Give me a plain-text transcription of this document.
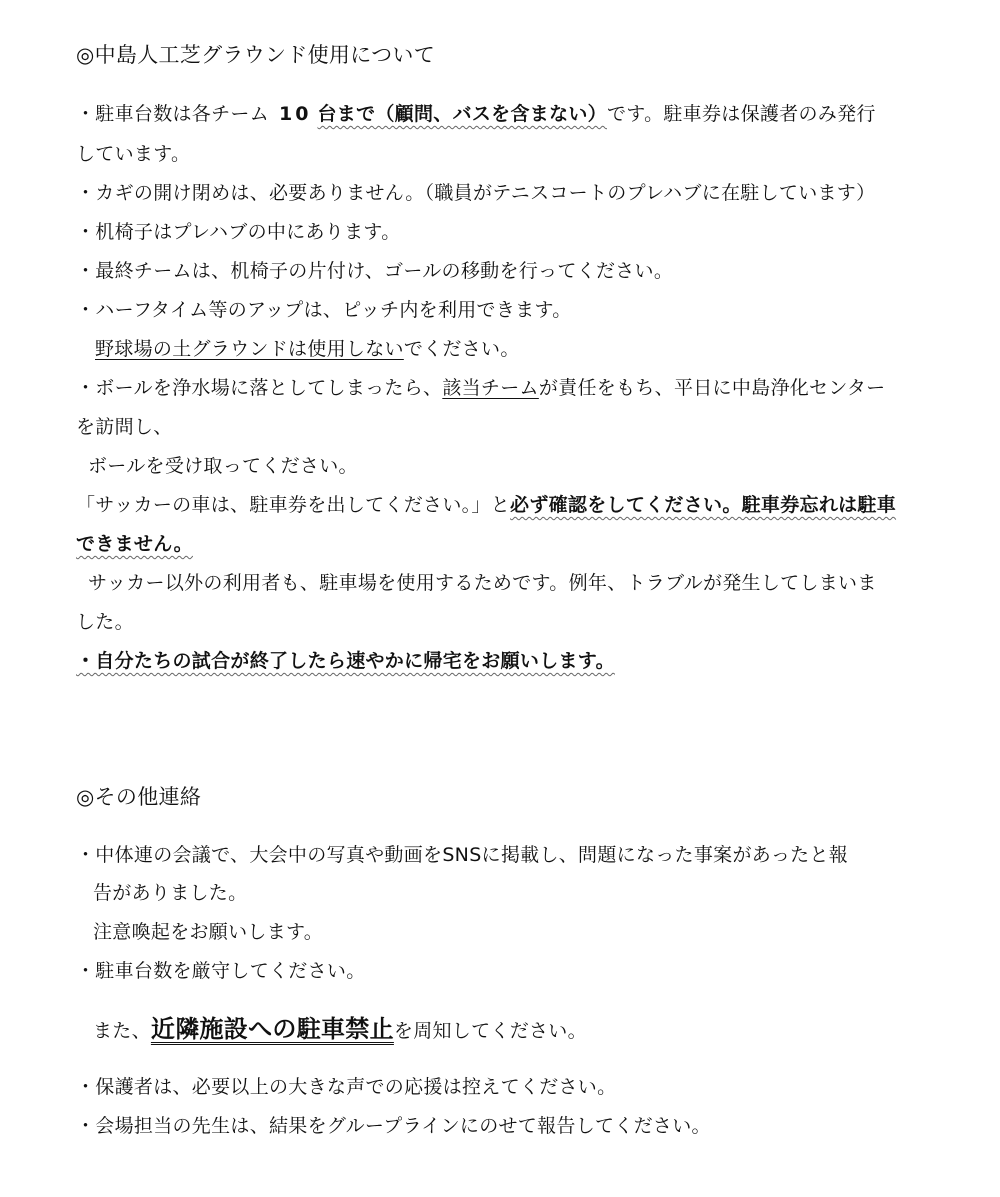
◎中島人工芝グラウンド使用について
・駐車台数は各チーム 10 台まで（顧問、バスを含まない）です。駐車券は保護者のみ発行
しています。
・カギの開け閉めは、必要ありません。（職員がテニスコートのプレハブに在駐しています）
・机椅子はプレハブの中にあります。
・最終チームは、机椅子の片付け、ゴールの移動を行ってください。
・ハーフタイム等のアップは、ピッチ内を利用できます。
野球場の土グラウンドは使用しないでください。
・ボールを浄水場に落としてしまったら、該当チームが責任をもち、平日に中島浄化センター
を訪問し、
ボールを受け取ってください。
「サッカーの車は、駐車券を出してください。」と必ず確認をしてください。駐車券忘れは駐車
できません。
サッカー以外の利用者も、駐車場を使用するためです。例年、トラブルが発生してしまいま
した。
・自分たちの試合が終了したら速やかに帰宅をお願いします。
◎その他連絡
・中体連の会議で、大会中の写真や動画をSNSに掲載し、問題になった事案があったと報
告がありました。
注意喚起をお願いします。
・駐車台数を厳守してください。
また、近隣施設への駐車禁止を周知してください。
・保護者は、必要以上の大きな声での応援は控えてください。
・会場担当の先生は、結果をグループラインにのせて報告してください。
